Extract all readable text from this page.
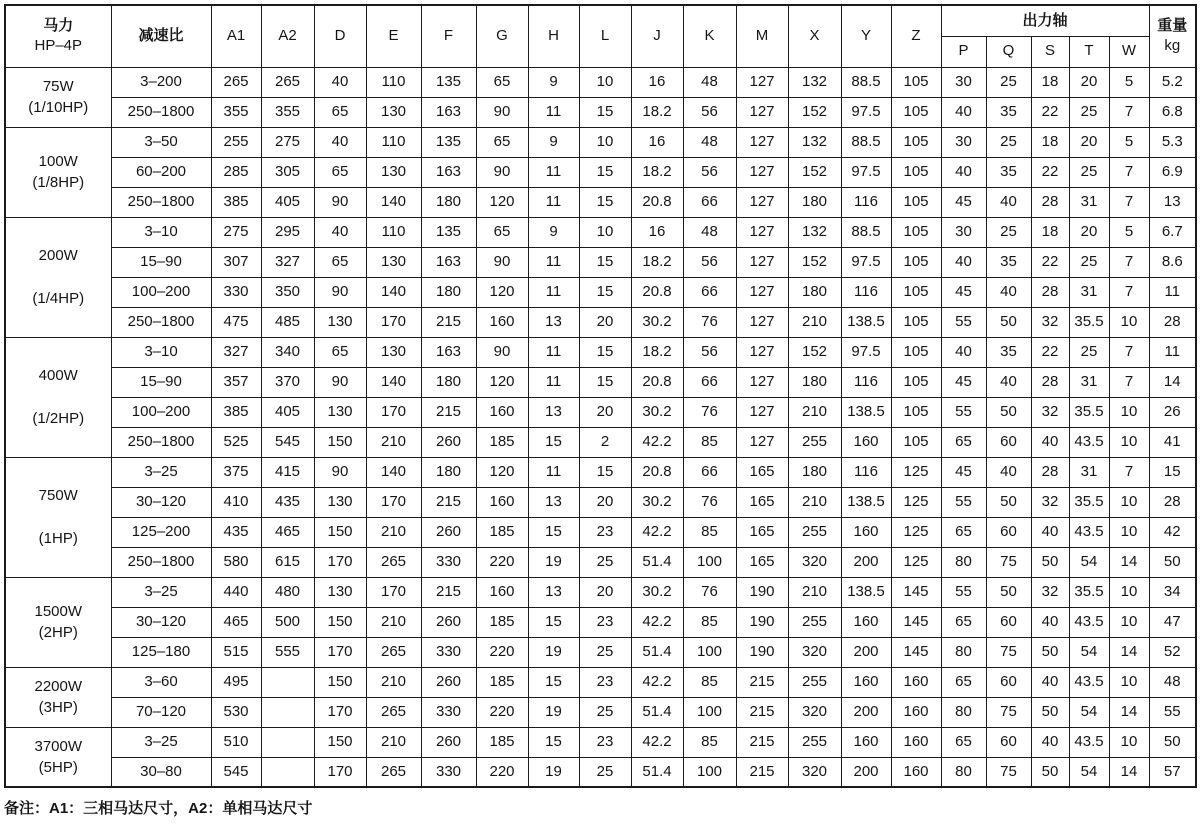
马力
HP–4P	减速比	A1	A2	D	E	F	G	H	L	J	K	M	X	Y	Z	出力轴					重量
kg

																P	Q	S	T	W	

75W
(1/10HP)	3–200	265	265	40	110	135	65	9	10	16	48	127	132	88.5	105	30	25	18	20	5	5.2
	250–1800	355	355	65	130	163	90	11	15	18.2	56	127	152	97.5	105	40	35	22	25	7	6.8

100W
(1/8HP)	3–50	255	275	40	110	135	65	9	10	16	48	127	132	88.5	105	30	25	18	20	5	5.3
	60–200	285	305	65	130	163	90	11	15	18.2	56	127	152	97.5	105	40	35	22	25	7	6.9
	250–1800	385	405	90	140	180	120	11	15	20.8	66	127	180	116	105	45	40	28	31	7	13

200W
(1/4HP)	3–10	275	295	40	110	135	65	9	10	16	48	127	132	88.5	105	30	25	18	20	5	6.7
	15–90	307	327	65	130	163	90	11	15	18.2	56	127	152	97.5	105	40	35	22	25	7	8.6
	100–200	330	350	90	140	180	120	11	15	20.8	66	127	180	116	105	45	40	28	31	7	11
	250–1800	475	485	130	170	215	160	13	20	30.2	76	127	210	138.5	105	55	50	32	35.5	10	28

400W
(1/2HP)	3–10	327	340	65	130	163	90	11	15	18.2	56	127	152	97.5	105	40	35	22	25	7	11
	15–90	357	370	90	140	180	120	11	15	20.8	66	127	180	116	105	45	40	28	31	7	14
	100–200	385	405	130	170	215	160	13	20	30.2	76	127	210	138.5	105	55	50	32	35.5	10	26
	250–1800	525	545	150	210	260	185	15	2	42.2	85	127	255	160	105	65	60	40	43.5	10	41

750W
(1HP)	3–25	375	415	90	140	180	120	11	15	20.8	66	165	180	116	125	45	40	28	31	7	15
	30–120	410	435	130	170	215	160	13	20	30.2	76	165	210	138.5	125	55	50	32	35.5	10	28
	125–200	435	465	150	210	260	185	15	23	42.2	85	165	255	160	125	65	60	40	43.5	10	42
	250–1800	580	615	170	265	330	220	19	25	51.4	100	165	320	200	125	80	75	50	54	14	50

1500W
(2HP)	3–25	440	480	130	170	215	160	13	20	30.2	76	190	210	138.5	145	55	50	32	35.5	10	34
	30–120	465	500	150	210	260	185	15	23	42.2	85	190	255	160	145	65	60	40	43.5	10	47
	125–180	515	555	170	265	330	220	19	25	51.4	100	190	320	200	145	80	75	50	54	14	52

2200W
(3HP)	3–60	495		150	210	260	185	15	23	42.2	85	215	255	160	160	65	60	40	43.5	10	48
	70–120	530		170	265	330	220	19	25	51.4	100	215	320	200	160	80	75	50	54	14	55

3700W
(5HP)	3–25	510		150	210	260	185	15	23	42.2	85	215	255	160	160	65	60	40	43.5	10	50
	30–80	545		170	265	330	220	19	25	51.4	100	215	320	200	160	80	75	50	54	14	57
备注：A1：三相马达尺寸，A2：单相马达尺寸
